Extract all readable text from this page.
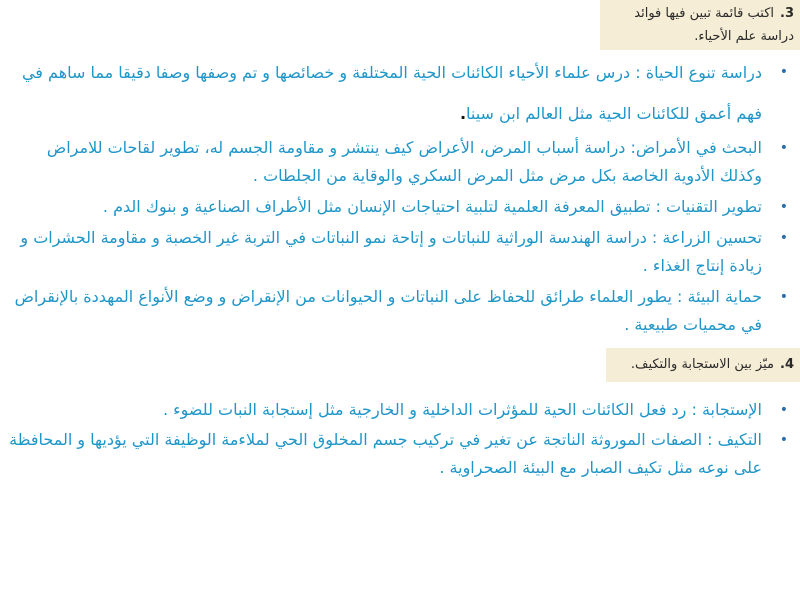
3.اكتب قائمة تبين فيها فوائد
دراسة علم الأحياء.
•
دراسة تنوع الحياة : درس علماء الأحياء الكائنات الحية المختلفة و خصائصها و تم وصفها وصفا دقيقا مما ساهم في فهم أعمق للكائنات الحية مثل العالم ابن سينا.
•
البحث في الأمراض: دراسة أسباب المرض، الأعراض كيف ينتشر و مقاومة الجسم له، تطوير لقاحات للامراض وكذلك الأدوية الخاصة بكل مرض مثل المرض السكري والوقاية من الجلطات .
•
تطوير التقنيات : تطبيق المعرفة العلمية لتلبية احتياجات الإنسان مثل الأطراف الصناعية و بنوك الدم .
•
تحسين الزراعة : دراسة الهندسة الوراثية للنباتات و إتاحة نمو النباتات في التربة غير الخصبة و مقاومة الحشرات و زيادة إنتاج الغذاء .
•
حماية البيئة : يطور العلماء طرائق للحفاظ على النباتات و الحيوانات من الإنقراض و وضع الأنواع المهددة بالإنقراض في محميات طبيعية .
4.ميّز بين الاستجابة والتكيف.
•
الإستجابة : رد فعل الكائنات الحية للمؤثرات الداخلية و الخارجية مثل إستجابة النبات للضوء .
•
التكيف : الصفات الموروثة الناتجة عن تغير في تركيب جسم المخلوق الحي لملاءمة الوظيفة التي يؤديها و المحافظة على نوعه مثل تكيف الصبار مع البيئة الصحراوية .
